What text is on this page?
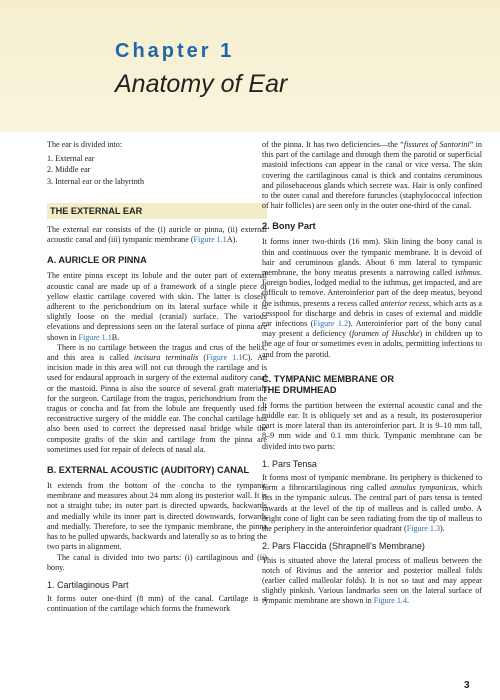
Chapter 1
Anatomy of Ear

The ear is divided into:

1. External ear
2. Middle ear
3. Internal ear or the labyrinth
THE EXTERNAL EAR

The external ear consists of the (i) auricle or pinna, (ii) external acoustic canal and (iii) tympanic membrane (Figure 1.1A).

A. AURICLE OR PINNA

The entire pinna except its lobule and the outer part of external acoustic canal are made up of a framework of a single piece of yellow elastic cartilage covered with skin. The latter is closely adherent to the perichondrium on its lateral surface while it is slightly loose on the medial (cranial) surface. The various elevations and depressions seen on the lateral surface of pinna are shown in Figure 1.1B.

There is no cartilage between the tragus and crus of the helix, and this area is called incisura terminalis (Figure 1.1C). An incision made in this area will not cut through the cartilage and is used for endaural approach in surgery of the external auditory canal or the mastoid. Pinna is also the source of several graft materials for the surgeon. Cartilage from the tragus, perichondrium from the tragus or concha and fat from the lobule are frequently used for reconstructive surgery of the middle ear. The conchal cartilage has also been used to correct the depressed nasal bridge while the composite grafts of the skin and cartilage from the pinna are sometimes used for repair of defects of nasal ala.

B. EXTERNAL ACOUSTIC (AUDITORY) CANAL

It extends from the bottom of the concha to the tympanic membrane and measures about 24 mm along its posterior wall. It is not a straight tube; its outer part is directed upwards, backwards and medially while its inner part is directed downwards, forwards and medially. Therefore, to see the tympanic membrane, the pinna has to be pulled upwards, backwards and laterally so as to bring the two parts in alignment.

The canal is divided into two parts: (i) cartilaginous and (ii) bony.

1. Cartilaginous Part

It forms outer one-third (8 mm) of the canal. Cartilage is a continuation of the cartilage which forms the framework

of the pinna. It has two deficiencies—the “fissures of Santorini” in this part of the cartilage and through them the parotid or superficial mastoid infections can appear in the canal or vice versa. The skin covering the cartilaginous canal is thick and contains ceruminous and pilosebaceous glands which secrete wax. Hair is only confined to the outer canal and therefore furuncles (staphylococcal infection of hair follicles) are seen only in the outer one-third of the canal.

2. Bony Part

It forms inner two-thirds (16 mm). Skin lining the bony canal is thin and continuous over the tympanic membrane. It is devoid of hair and ceruminous glands. About 6 mm lateral to tympanic membrane, the bony meatus presents a narrowing called isthmus. Foreign bodies, lodged medial to the isthmus, get impacted, and are difficult to remove. Anteroinferior part of the deep meatus, beyond the isthmus, presents a recess called anterior recess, which acts as a cesspool for discharge and debris in cases of external and middle ear infections (Figure 1.2). Anteroinferior part of the bony canal may present a deficiency (foramen of Huschke) in children up to the age of four or sometimes even in adults, permitting infections to and from the parotid.

C. TYMPANIC MEMBRANE OR
THE DRUMHEAD

It forms the partition between the external acoustic canal and the middle ear. It is obliquely set and as a result, its posterosuperior part is more lateral than its anteroinferior part. It is 9–10 mm tall, 8–9 mm wide and 0.1 mm thick. Tympanic membrane can be divided into two parts:

1. Pars Tensa

It forms most of tympanic membrane. Its periphery is thickened to form a fibrocartilaginous ring called annulus tympanicus, which fits in the tympanic sulcus. The central part of pars tensa is tented inwards at the level of the tip of malleus and is called umbo. A bright cone of light can be seen radiating from the tip of malleus to the periphery in the anteroinferior quadrant (Figure 1.3).

2. Pars Flaccida (Shrapnell’s Membrane)

This is situated above the lateral process of malleus between the notch of Rivinus and the anterior and posterior malleal folds (earlier called malleolar folds). It is not so taut and may appear slightly pinkish. Various landmarks seen on the lateral surface of tympanic membrane are shown in Figure 1.4.

3
